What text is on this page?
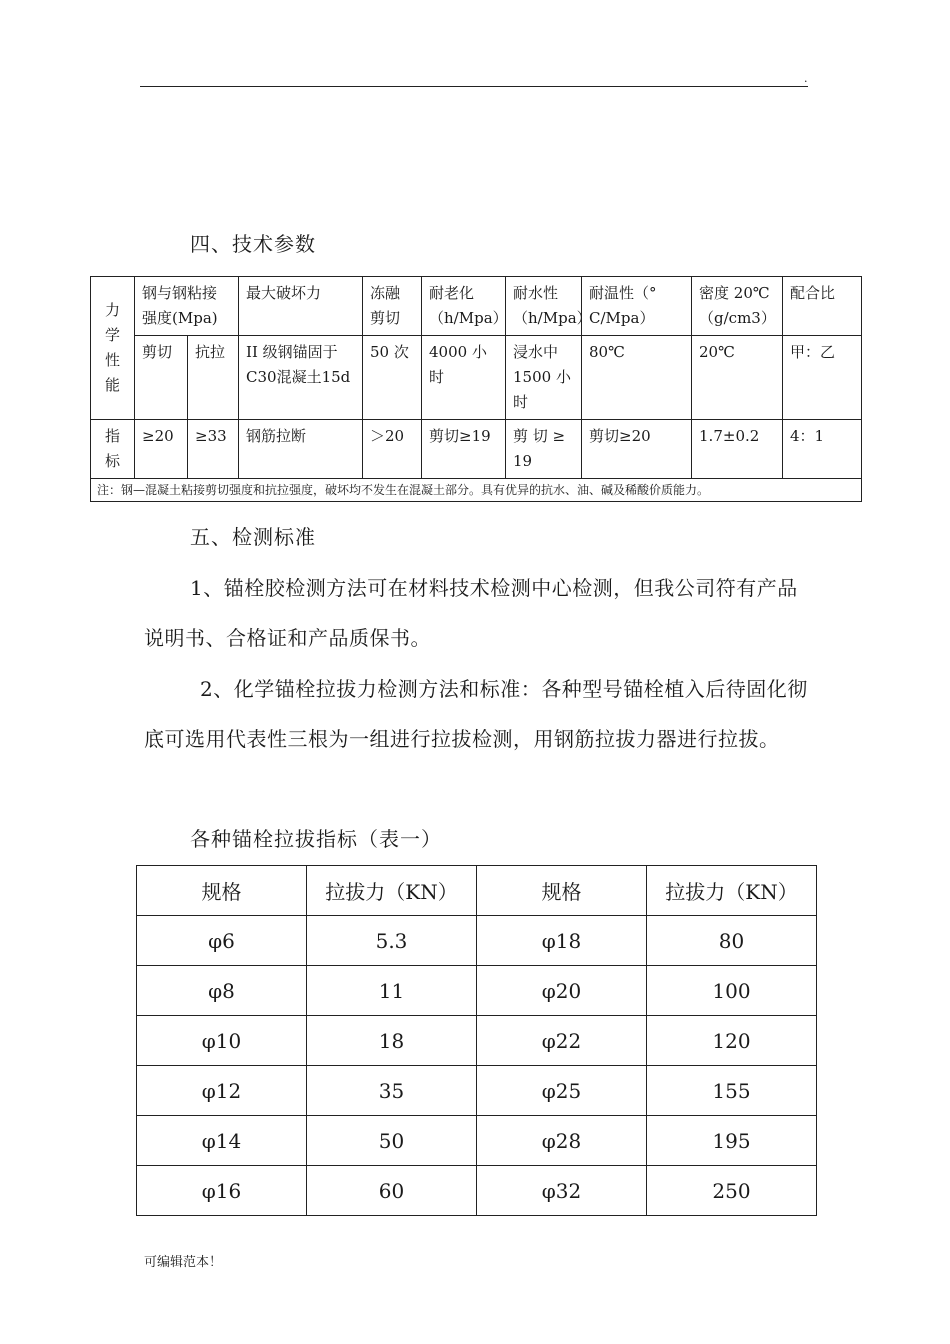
.
四、技术参数
力学性能	钢与钢粘接强度(Mpa)		最大破坏力	冻融剪切	耐老化（h/Mpa）	耐水性（h/Mpa）	耐温性（° C/Mpa）	密度 20℃（g/cm3）	配合比
	剪切	抗拉	II 级钢锚固于 C30混凝土15d	50 次	4000 小时	浸水中 1500 小时	80℃	20℃	甲：乙

指标	≥20	≥33	钢筋拉断	＞20	剪切≥19	剪 切 ≥ 19	剪切≥20	1.7±0.2	4：1
注：钢—混凝土粘接剪切强度和抗拉强度，破坏均不发生在混凝土部分。具有优异的抗水、油、碱及稀酸价质能力。									
五、检测标准
1、锚栓胶检测方法可在材料技术检测中心检测，但我公司符有产品说明书、合格证和产品质保书。
2、化学锚栓拉拔力检测方法和标准：各种型号锚栓植入后待固化彻底可选用代表性三根为一组进行拉拔检测，用钢筋拉拔力器进行拉拔。
各种锚栓拉拔指标（表一）
规格	拉拔力（KN）	规格	拉拔力（KN）
φ6	5.3	φ18	80
φ8	11	φ20	100
φ10	18	φ22	120
φ12	35	φ25	155
φ14	50	φ28	195
φ16	60	φ32	250
可编辑范本！
